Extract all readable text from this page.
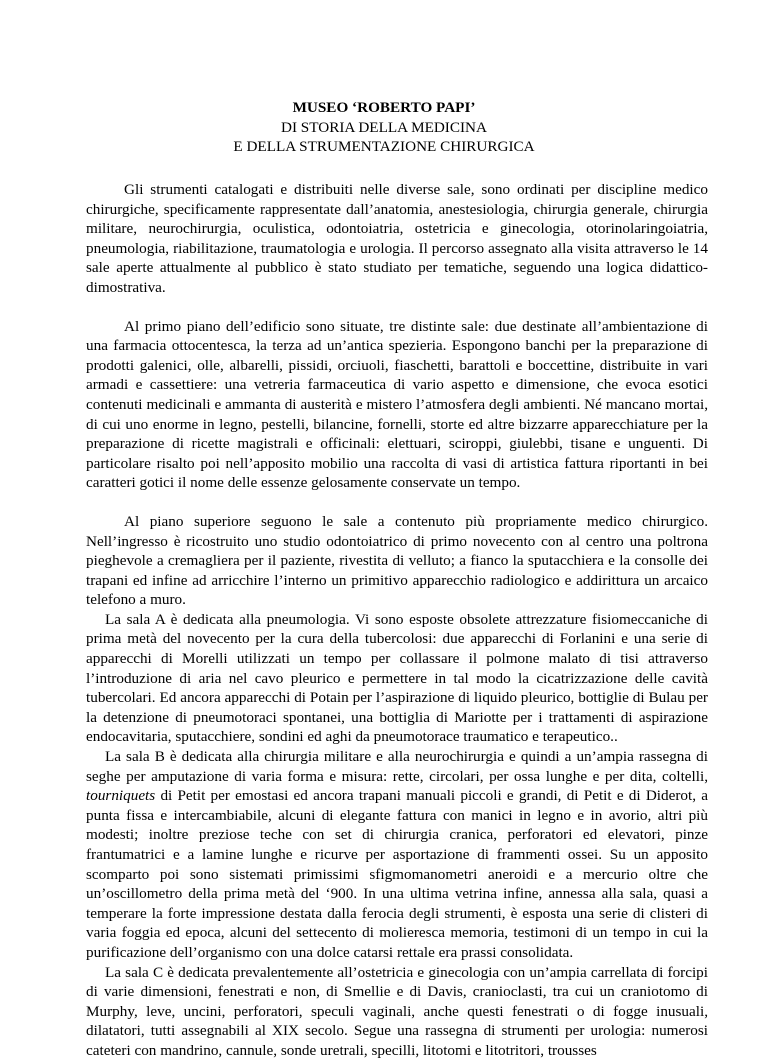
MUSEO ‘ROBERTO PAPI’
DI STORIA DELLA MEDICINA
E DELLA STRUMENTAZIONE CHIRURGICA

Gli strumenti catalogati e distribuiti nelle diverse sale, sono ordinati per discipline medico chirurgiche, specificamente rappresentate dall’anatomia, anestesiologia, chirurgia generale, chirurgia militare, neurochirurgia, oculistica, odontoiatria, ostetricia e ginecologia, otorinolaringoiatria, pneumologia, riabilitazione, traumatologia e urologia. Il percorso assegnato alla visita attraverso le 14 sale aperte attualmente al pubblico è stato studiato per tematiche, seguendo una logica didattico-dimostrativa.

Al primo piano dell’edificio sono situate, tre distinte sale: due destinate all’ambientazione di una farmacia ottocentesca, la terza ad un’antica spezieria. Espongono banchi per la preparazione di prodotti galenici, olle, albarelli, pissidi, orciuoli, fiaschetti, barattoli e boccettine, distribuite in vari armadi e cassettiere: una vetreria farmaceutica di vario aspetto e dimensione, che evoca esotici contenuti medicinali e ammanta di austerità e mistero l’atmosfera degli ambienti. Né mancano mortai, di cui uno enorme in legno, pestelli, bilancine, fornelli, storte ed altre bizzarre apparecchiature per la preparazione di ricette magistrali e officinali: elettuari, sciroppi, giulebbi, tisane e unguenti. Di particolare risalto poi nell’apposito mobilio una raccolta di vasi di artistica fattura riportanti in bei caratteri gotici il nome delle essenze gelosamente conservate un tempo.

Al piano superiore seguono le sale a contenuto più propriamente medico chirurgico. Nell’ingresso è ricostruito uno studio odontoiatrico di primo novecento con al centro una poltrona pieghevole a cremagliera per il paziente, rivestita di velluto; a fianco la sputacchiera e la consolle dei trapani ed infine ad arricchire l’interno un primitivo apparecchio radiologico e addirittura un arcaico telefono a muro.

La sala A è dedicata alla pneumologia. Vi sono esposte obsolete attrezzature fisiomeccaniche di prima metà del novecento per la cura della tubercolosi: due apparecchi di Forlanini e una serie di apparecchi di Morelli utilizzati un tempo per collassare il polmone malato di tisi attraverso l’introduzione di aria nel cavo pleurico e permettere in tal modo la cicatrizzazione delle cavità tubercolari. Ed ancora apparecchi di Potain per l’aspirazione di liquido pleurico, bottiglie di Bulau per la detenzione di pneumotoraci spontanei, una bottiglia di Mariotte per i trattamenti di aspirazione endocavitaria, sputacchiere, sondini ed aghi da pneumotorace traumatico e terapeutico..

La sala B è dedicata alla chirurgia militare e alla neurochirurgia e quindi a un’ampia rassegna di seghe per amputazione di varia forma e misura: rette, circolari, per ossa lunghe e per dita, coltelli, tourniquets di Petit per emostasi ed ancora trapani manuali piccoli e grandi, di Petit e di Diderot, a punta fissa e intercambiabile, alcuni di elegante fattura con manici in legno e in avorio, altri più modesti; inoltre preziose teche con set di chirurgia cranica, perforatori ed elevatori, pinze frantumatrici e a lamine lunghe e ricurve per asportazione di frammenti ossei. Su un apposito scomparto poi sono sistemati primissimi sfigmomanometri aneroidi e a mercurio oltre che un’oscillometro della prima metà del ‘900. In una ultima vetrina infine, annessa alla sala, quasi a temperare la forte impressione destata dalla ferocia degli strumenti, è esposta una serie di clisteri di varia foggia ed epoca, alcuni del settecento di molieresca memoria, testimoni di un tempo in cui la purificazione dell’organismo con una dolce catarsi rettale era prassi consolidata.

La sala C è dedicata prevalentemente all’ostetricia e ginecologia con un’ampia carrellata di forcipi di varie dimensioni, fenestrati e non, di Smellie e di Davis, cranioclasti, tra cui un craniotomo di Murphy, leve, uncini, perforatori, speculi vaginali, anche questi fenestrati o di fogge inusuali, dilatatori, tutti assegnabili al XIX secolo. Segue una rassegna di strumenti per urologia: numerosi cateteri con mandrino, cannule, sonde uretrali, specilli, litotomi e litotritori, trousses
